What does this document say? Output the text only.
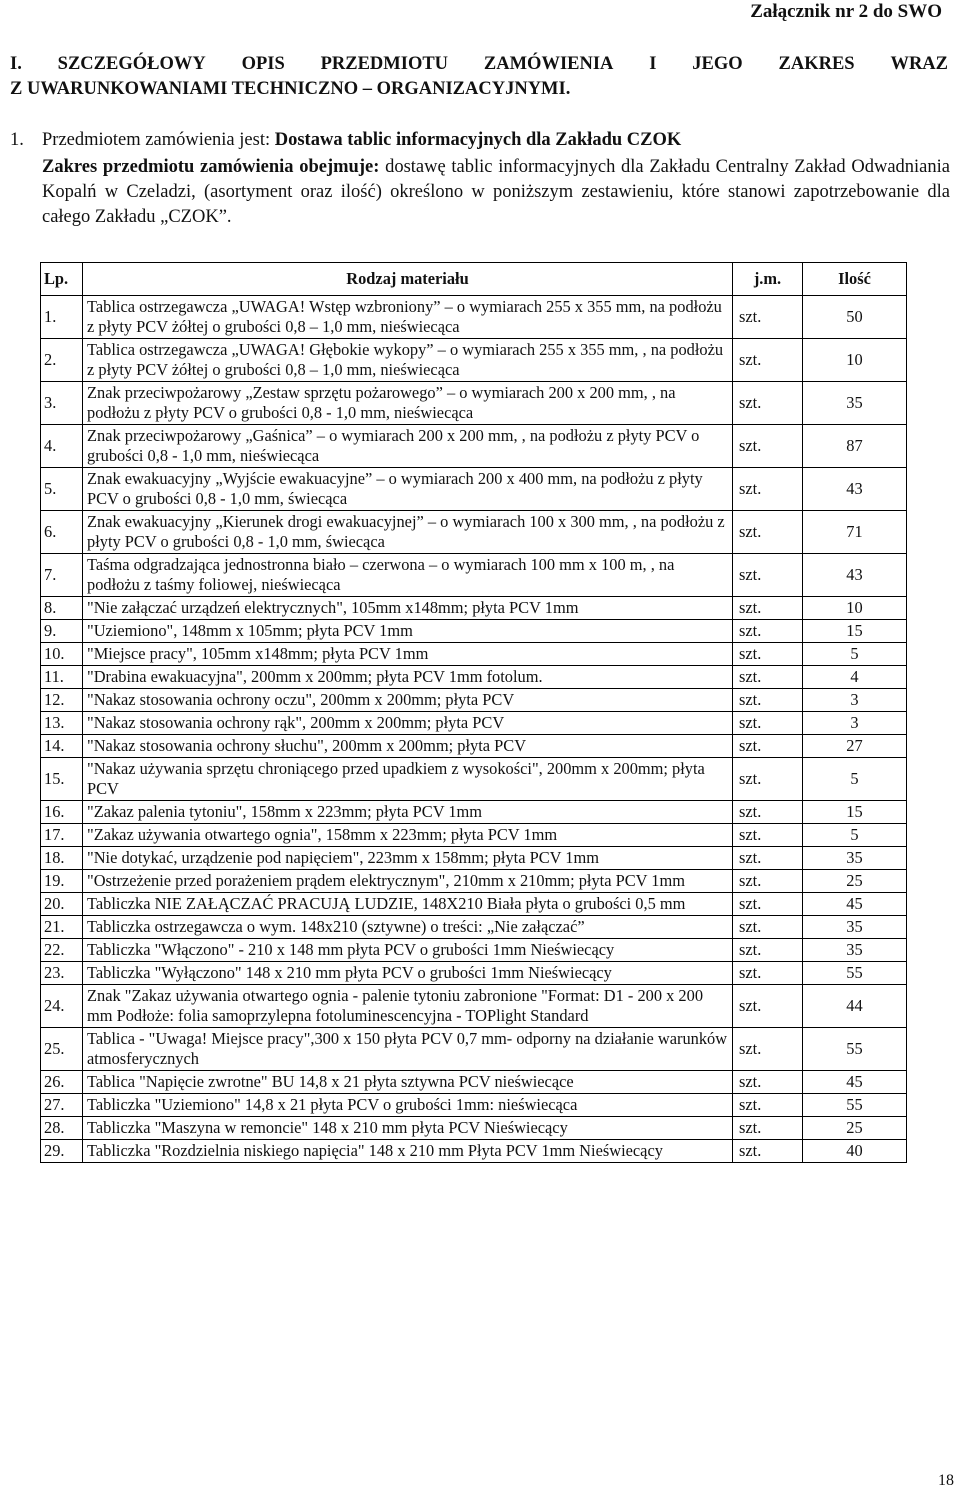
Załącznik nr 2 do SWO
I. SZCZEGÓŁOWY OPIS PRZEDMIOTU ZAMÓWIENIA I JEGO ZAKRES WRAZ
Z UWARUNKOWANIAMI TECHNICZNO – ORGANIZACYJNYMI.
1. Przedmiotem zamówienia jest: Dostawa tablic informacyjnych dla Zakładu CZOK
Zakres przedmiotu zamówienia obejmuje: dostawę tablic informacyjnych dla Zakładu Centralny Zakład Odwadniania Kopalń w Czeladzi, (asortyment oraz ilość) określono w poniższym zestawieniu, które stanowi zapotrzebowanie dla całego Zakładu „CZOK”.
Lp.	Rodzaj materiału	j.m.	Ilość
1.	Tablica ostrzegawcza „UWAGA! Wstęp wzbroniony” – o wymiarach 255 x 355 mm, na podłożu z płyty PCV żółtej o grubości 0,8 – 1,0 mm, nieświecąca	szt.	50
2.	Tablica ostrzegawcza „UWAGA! Głębokie wykopy” – o wymiarach 255 x 355 mm, , na podłożu z płyty PCV żółtej o grubości 0,8 – 1,0 mm, nieświecąca	szt.	10
3.	Znak przeciwpożarowy „Zestaw sprzętu pożarowego” – o wymiarach 200 x 200 mm, , na podłożu z płyty PCV o grubości 0,8 - 1,0 mm, nieświecąca	szt.	35
4.	Znak przeciwpożarowy „Gaśnica” – o wymiarach 200 x 200 mm, , na podłożu z płyty PCV o grubości 0,8 - 1,0 mm, nieświecąca	szt.	87
5.	Znak ewakuacyjny „Wyjście ewakuacyjne” – o wymiarach 200 x 400 mm, na podłożu z płyty PCV o grubości 0,8 - 1,0 mm, świecąca	szt.	43
6.	Znak ewakuacyjny „Kierunek drogi ewakuacyjnej” – o wymiarach 100 x 300 mm, , na podłożu z płyty PCV o grubości 0,8 - 1,0 mm, świecąca	szt.	71
7.	Taśma odgradzająca jednostronna biało – czerwona – o wymiarach 100 mm x 100 m, , na podłożu z taśmy foliowej, nieświecąca	szt.	43
8.	"Nie załączać urządzeń elektrycznych", 105mm x148mm; płyta PCV 1mm	szt.	10
9.	"Uziemiono", 148mm x 105mm; płyta PCV 1mm	szt.	15
10.	"Miejsce pracy", 105mm x148mm; płyta PCV 1mm	szt.	5
11.	"Drabina ewakuacyjna", 200mm x 200mm; płyta PCV 1mm fotolum.	szt.	4
12.	"Nakaz stosowania ochrony oczu", 200mm x 200mm; płyta PCV	szt.	3
13.	"Nakaz stosowania ochrony rąk", 200mm x 200mm; płyta PCV	szt.	3
14.	"Nakaz stosowania ochrony słuchu", 200mm x 200mm; płyta PCV	szt.	27
15.	"Nakaz używania sprzętu chroniącego przed upadkiem z wysokości", 200mm x 200mm; płyta PCV	szt.	5
16.	"Zakaz palenia tytoniu", 158mm x 223mm; płyta PCV 1mm	szt.	15
17.	"Zakaz używania otwartego ognia", 158mm x 223mm; płyta PCV 1mm	szt.	5
18.	"Nie dotykać, urządzenie pod napięciem", 223mm x 158mm; płyta PCV 1mm	szt.	35
19.	"Ostrzeżenie przed porażeniem prądem elektrycznym", 210mm x 210mm; płyta PCV 1mm	szt.	25
20.	Tabliczka NIE ZAŁĄCZAĆ PRACUJĄ LUDZIE, 148X210 Biała płyta o grubości 0,5 mm	szt.	45
21.	Tabliczka ostrzegawcza o wym. 148x210 (sztywne) o treści: „Nie załączać”	szt.	35
22.	Tabliczka "Włączono" - 210 x 148 mm płyta PCV o grubości 1mm Nieświecący	szt.	35
23.	Tabliczka "Wyłączono" 148 x 210 mm płyta PCV o grubości 1mm Nieświecący	szt.	55
24.	Znak "Zakaz używania otwartego ognia - palenie tytoniu zabronione "Format: D1 - 200 x 200 mm Podłoże: folia samoprzylepna fotoluminescencyjna - TOPlight Standard	szt.	44
25.	Tablica - "Uwaga! Miejsce pracy",300 x 150 płyta PCV 0,7 mm- odporny na działanie warunków atmosferycznych	szt.	55
26.	Tablica "Napięcie zwrotne" BU 14,8 x 21 płyta sztywna PCV nieświecące	szt.	45
27.	Tabliczka "Uziemiono" 14,8 x 21 płyta PCV o grubości 1mm: nieświecąca	szt.	55
28.	Tabliczka "Maszyna w remoncie" 148 x 210 mm płyta PCV Nieświecący	szt.	25
29.	Tabliczka "Rozdzielnia niskiego napięcia" 148 x 210 mm Płyta PCV 1mm Nieświecący	szt.	40
18
